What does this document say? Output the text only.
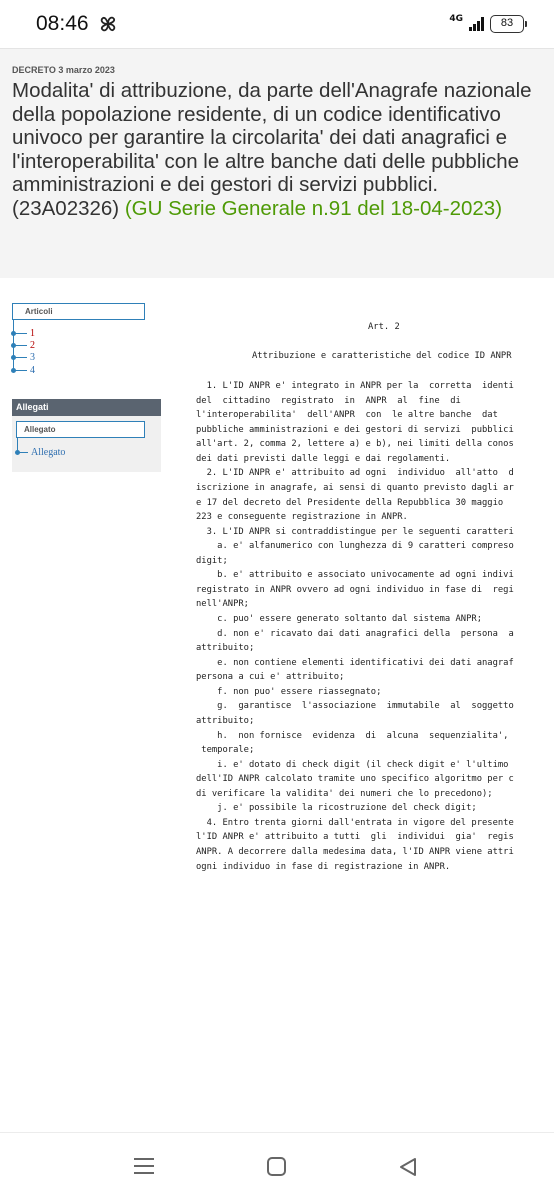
08:46	4G	83
DECRETO 3 marzo 2023
Modalita' di attribuzione, da parte dell'Anagrafe nazionale della popolazione residente, di un codice identificativo univoco per garantire la circolarita' dei dati anagrafici e l'interoperabilita' con le altre banche dati delle pubbliche amministrazioni e dei gestori di servizi pubblici. (23A02326) (GU Serie Generale n.91 del 18-04-2023)
Articoli
1
2
3
4
Allegati
Allegato
Allegato
Art. 2
Attribuzione e caratteristiche del codice ID ANPR
1. L'ID ANPR e' integrato in ANPR per la  corretta  identi
del  cittadino  registrato  in  ANPR  al  fine  di
l'interoperabilita'  dell'ANPR  con  le altre banche  dat
pubbliche amministrazioni e dei gestori di servizi  pubblici
all'art. 2, comma 2, lettere a) e b), nei limiti della conos
dei dati previsti dalle leggi e dai regolamenti.
2. L'ID ANPR e' attribuito ad ogni  individuo  all'atto  d
iscrizione in anagrafe, ai sensi di quanto previsto dagli ar
e 17 del decreto del Presidente della Repubblica 30 maggio
223 e conseguente registrazione in ANPR.
3. L'ID ANPR si contraddistingue per le seguenti caratteri
a. e' alfanumerico con lunghezza di 9 caratteri compreso
digit;
b. e' attribuito e associato univocamente ad ogni indivi
registrato in ANPR ovvero ad ogni individuo in fase di  regi
nell'ANPR;
c. puo' essere generato soltanto dal sistema ANPR;
d. non e' ricavato dai dati anagrafici della  persona  a
attribuito;
e. non contiene elementi identificativi dei dati anagraf
persona a cui e' attribuito;
f. non puo' essere riassegnato;
g.  garantisce  l'associazione  immutabile  al  soggetto
attribuito;
h.  non fornisce  evidenza  di  alcuna  sequenzialita',
temporale;
i. e' dotato di check digit (il check digit e' l'ultimo
dell'ID ANPR calcolato tramite uno specifico algoritmo per c
di verificare la validita' dei numeri che lo precedono);
j. e' possibile la ricostruzione del check digit;
4. Entro trenta giorni dall'entrata in vigore del presente
l'ID ANPR e' attribuito a tutti  gli  individui  gia'  regis
ANPR. A decorrere dalla medesima data, l'ID ANPR viene attri
ogni individuo in fase di registrazione in ANPR.
